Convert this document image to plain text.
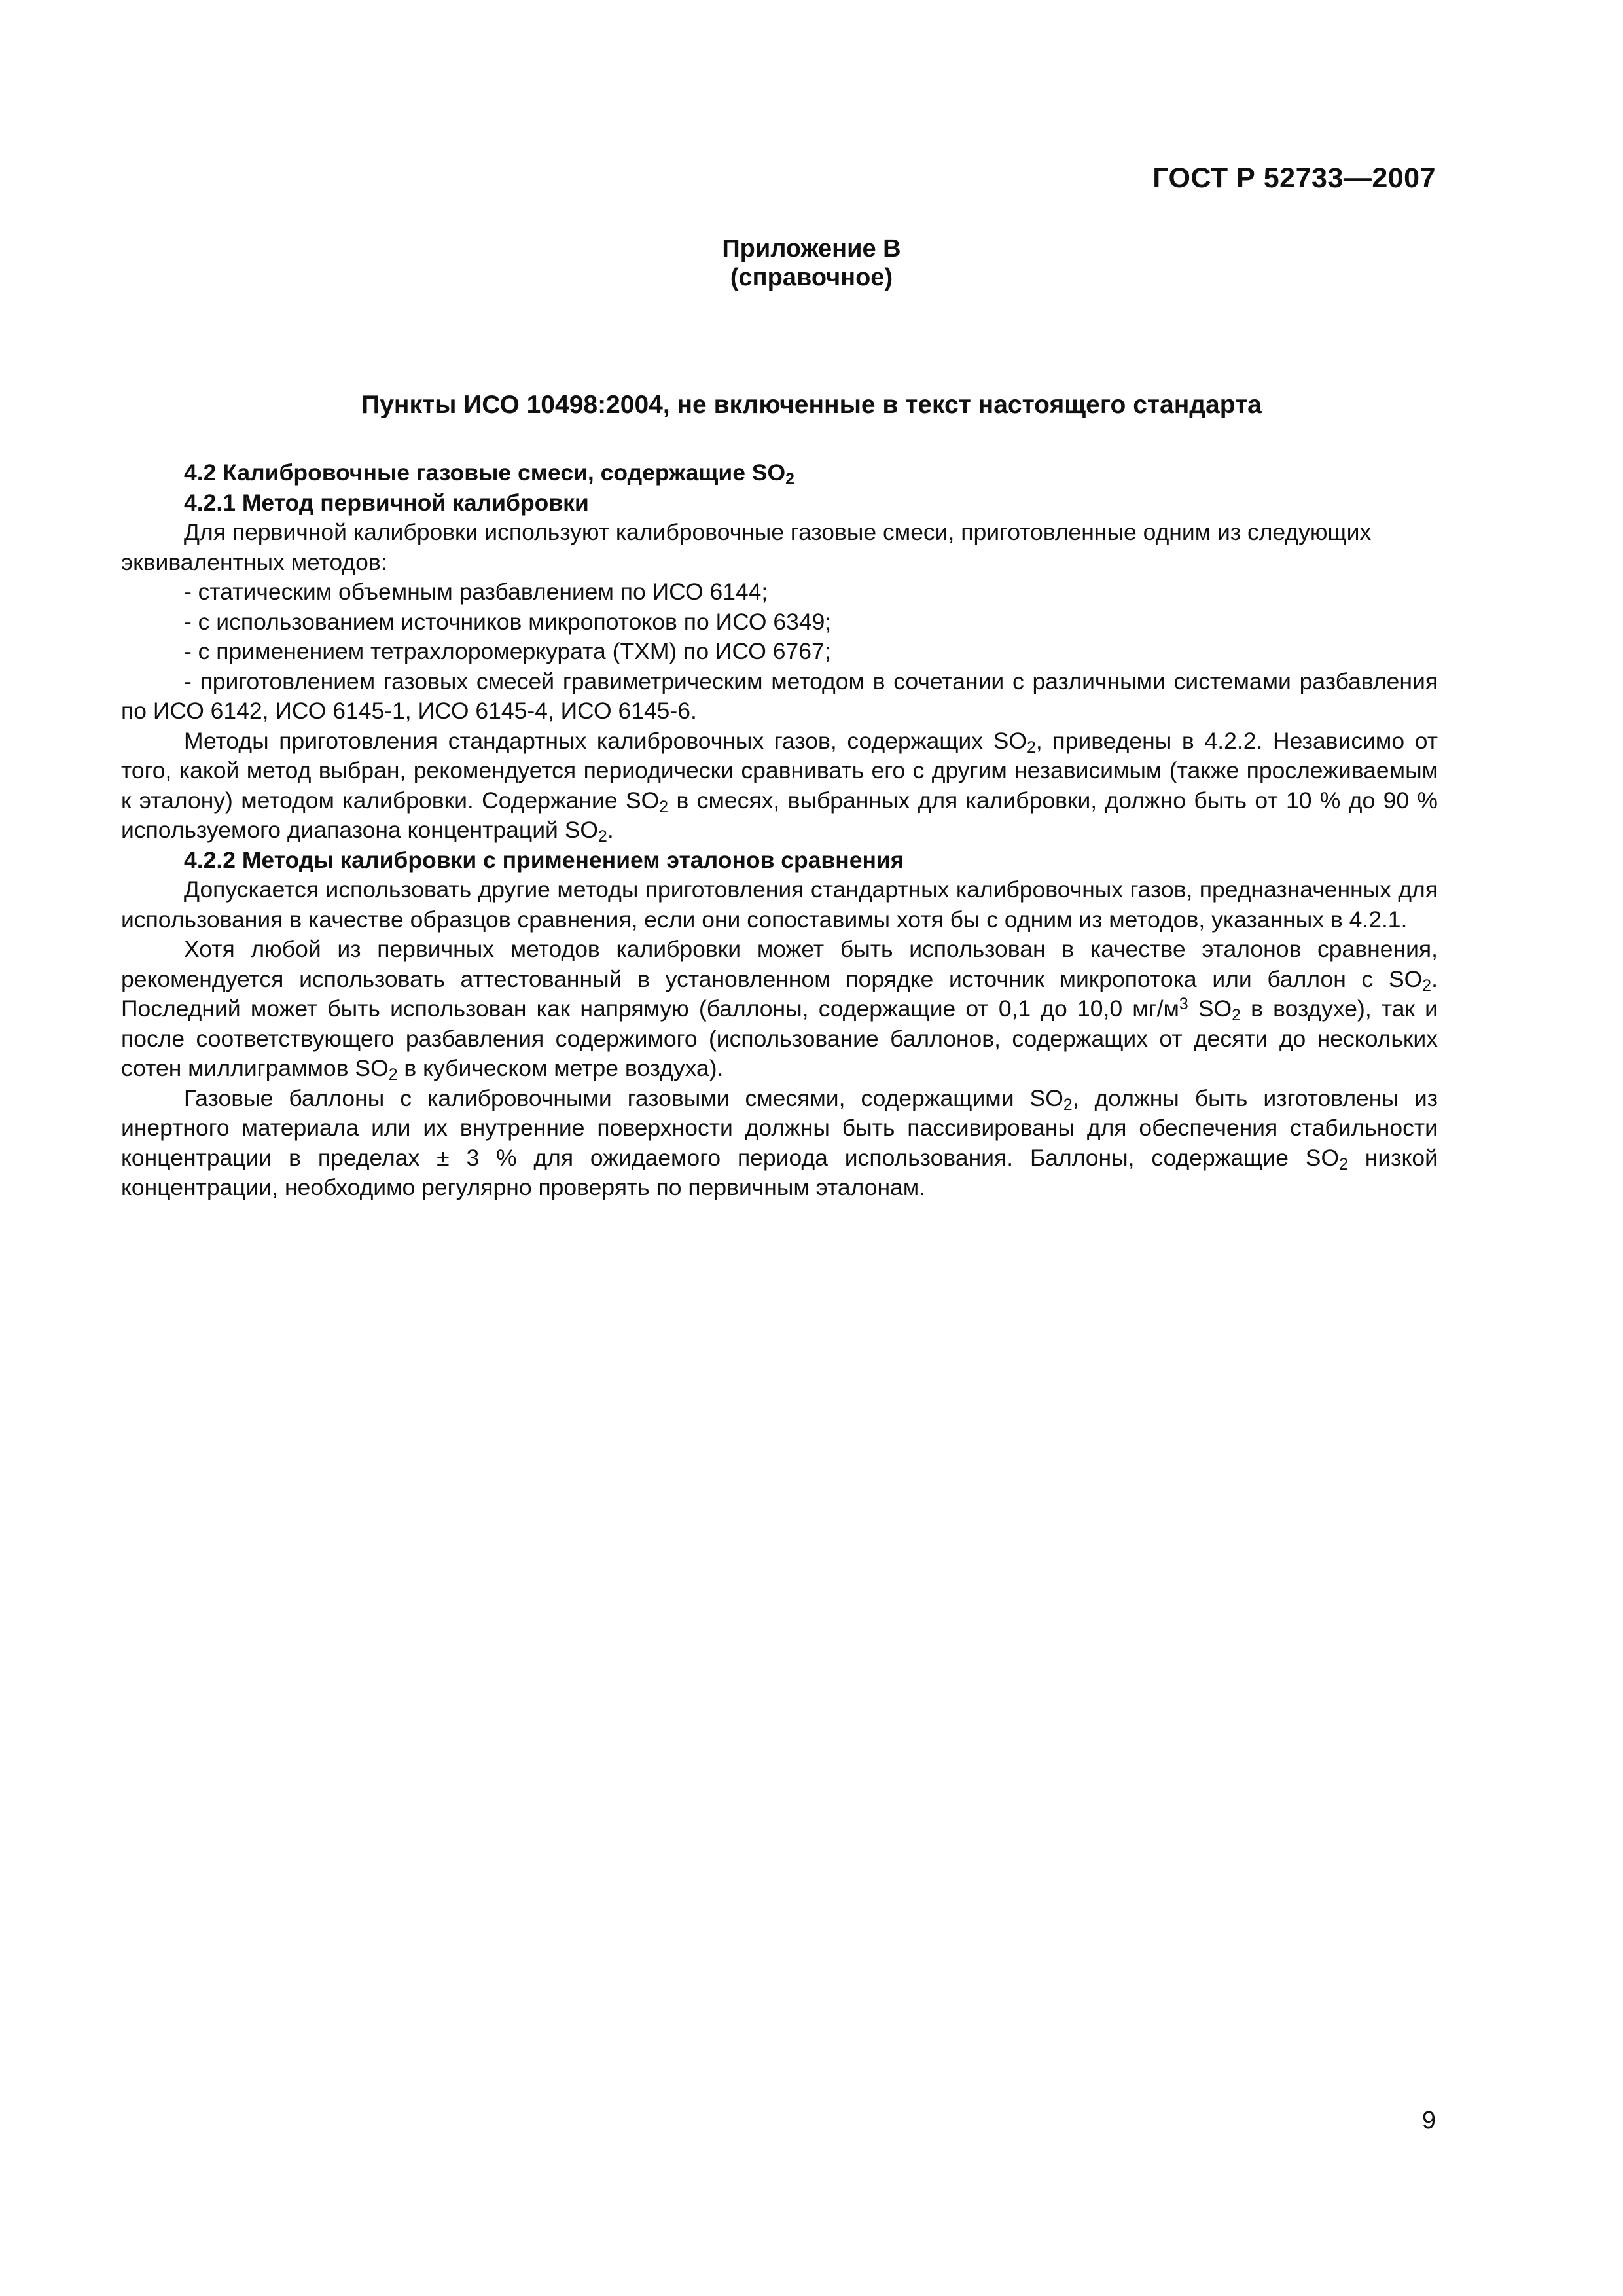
ГОСТ Р 52733—2007
Приложение В
(справочное)
Пункты ИСО 10498:2004, не включенные в текст настоящего стандарта
4.2 Калибровочные газовые смеси, содержащие $SO_2$
4.2.1 Метод первичной калибровки

Для первичной калибровки используют калибровочные газовые смеси, приготовленные одним из следующих

эквивалентных методов:

- статическим объемным разбавлением по ИСО 6144;

- с использованием источников микропотоков по ИСО 6349;

- с применением тетрахлоромеркурата (ТХМ) по ИСО 6767;

- приготовлением газовых смесей гравиметрическим методом в сочетании с различными системами разбавления по ИСО 6142, ИСО 6145-1, ИСО 6145-4, ИСО 6145-6.

Методы приготовления стандартных калибровочных газов, содержащих $SO_2$, приведены в 4.2.2. Независимо от того, какой метод выбран, рекомендуется периодически сравнивать его с другим независимым (также прослеживаемым к эталону) методом калибровки. Содержание $SO_2$ в смесях, выбранных для калибровки, должно быть от 10 % до 90 % используемого диапазона концентраций $SO_2$.

4.2.2 Методы калибровки с применением эталонов сравнения

Допускается использовать другие методы приготовления стандартных калибровочных газов, предназначенных для использования в качестве образцов сравнения, если они сопоставимы хотя бы с одним из методов, указанных в 4.2.1.

Хотя любой из первичных методов калибровки может быть использован в качестве эталонов сравнения, рекомендуется использовать аттестованный в установленном порядке источник микропотока или баллон с $SO_2$. Последний может быть использован как напрямую (баллоны, содержащие от 0,1 до 10,0 $мг/м^3$ $SO_2$ в воздухе), так и после соответствующего разбавления содержимого (использование баллонов, содержащих от десяти до нескольких сотен миллиграммов $SO_2$ в кубическом метре воздуха).

Газовые баллоны с калибровочными газовыми смесями, содержащими $SO_2$, должны быть изготовлены из инертного материала или их внутренние поверхности должны быть пассивированы для обеспечения стабильности концентрации в пределах ± 3 % для ожидаемого периода использования. Баллоны, содержащие $SO_2$ низкой концентрации, необходимо регулярно проверять по первичным эталонам.

9
